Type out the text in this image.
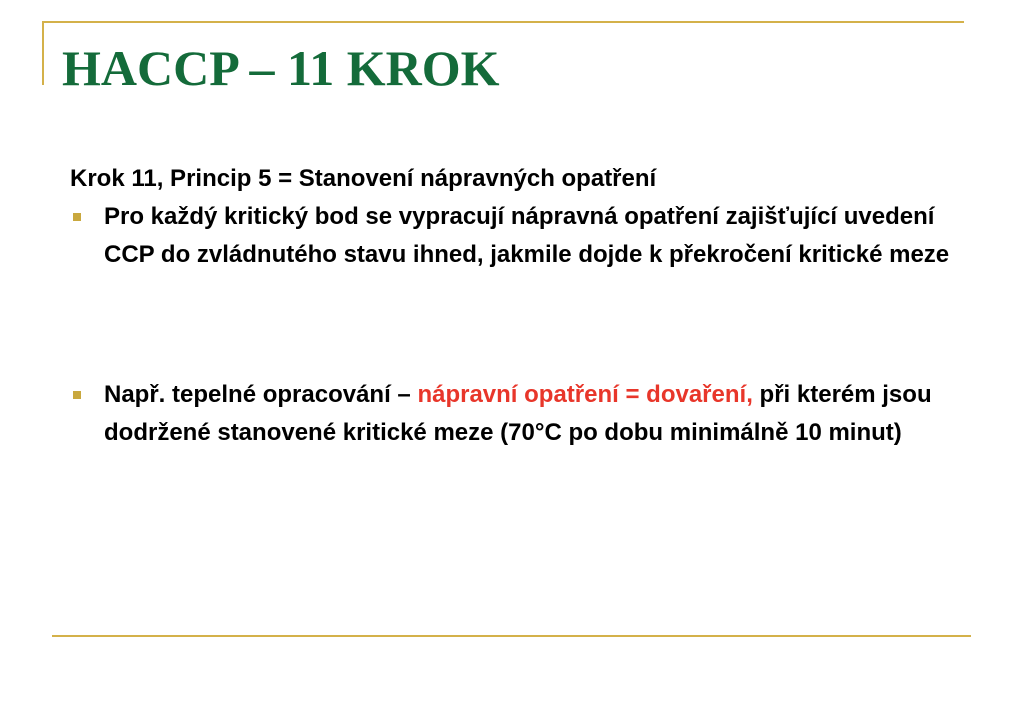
HACCP – 11 KROK

Krok 11, Princip 5 = Stanovení nápravných opatření

Pro každý kritický bod se vypracují nápravná opatření zajišťující uvedení CCP do zvládnutého stavu ihned, jakmile dojde k překročení kritické meze
Např. tepelné opracování – nápravní opatření = dovaření, při kterém jsou dodržené stanovené kritické meze (70°C po dobu minimálně 10 minut)
